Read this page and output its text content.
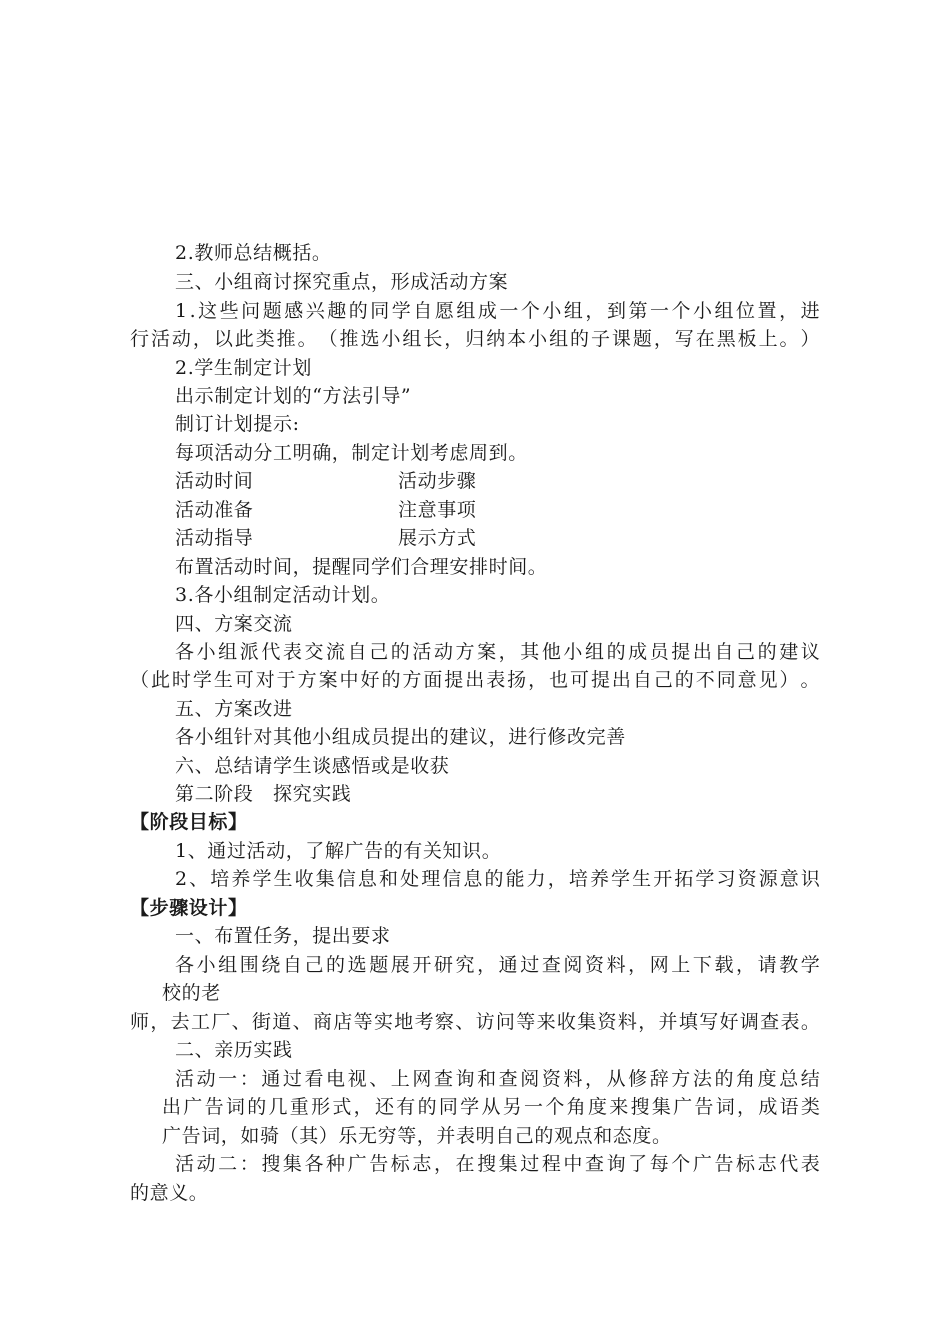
2.教师总结概括。
三、小组商讨探究重点，形成活动方案
1 . 这 些 问 题 感 兴 趣 的 同 学 自 愿 组 成 一 个 小 组 ， 到 第 一 个 小 组 位 置 ， 进
行 活 动 ， 以 此 类 推 。 （ 推 选 小 组 长 ， 归 纳 本 小 组 的 子 课 题 ， 写 在 黑 板 上 。 ）
2.学生制定计划
出示制定计划的“方法引导”
制订计划提示:
每项活动分工明确，制定计划考虑周到。
活动时间	活动步骤
活动准备	注意事项
活动指导	展示方式
布置活动时间，提醒同学们合理安排时间。
3.各小组制定活动计划。
四、方案交流
各 小 组 派 代 表 交 流 自 己 的 活 动 方 案 ， 其 他 小 组 的 成 员 提 出 自 己 的 建 议
（ 此 时 学 生 可 对 于 方 案 中 好 的 方 面 提 出 表 扬 ， 也 可 提 出 自 己 的 不 同 意 见 ） 。
五、方案改进
各小组针对其他小组成员提出的建议，进行修改完善
六、总结请学生谈感悟或是收获
第二阶段　探究实践
【阶段目标】
1、通过活动，了解广告的有关知识。
2 、 培 养 学 生 收 集 信 息 和 处 理 信 息 的 能 力 ， 培 养 学 生 开 拓 学 习 资 源 意 识
【步骤设计】
一、布置任务，提出要求
各 小 组 围 绕 自 己 的 选 题 展 开 研 究 ， 通 过 查 阅 资 料 ， 网 上 下 载 ， 请 教 学
校的老
师 ， 去 工 厂 、 街 道 、 商 店 等 实 地 考 察 、 访 问 等 来 收 集 资 料 ， 并 填 写 好 调 查 表 。
二、亲历实践
活 动 一 ： 通 过 看 电 视 、 上 网 查 询 和 查 阅 资 料 ， 从 修 辞 方 法 的 角 度 总 结
出 广 告 词 的 几 重 形 式 ， 还 有 的 同 学 从 另 一 个 角 度 来 搜 集 广 告 词 ， 成 语 类
广告词，如骑（其）乐无穷等，并表明自己的观点和态度。
活 动 二 ： 搜 集 各 种 广 告 标 志 ， 在 搜 集 过 程 中 查 询 了 每 个 广 告 标 志 代 表
的意义。
